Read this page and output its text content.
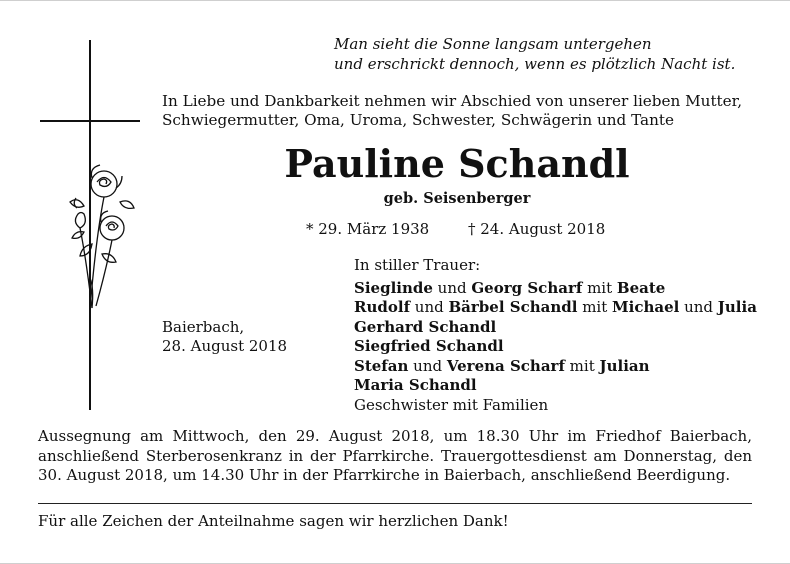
Man sieht die Sonne langsam untergehen
und erschrickt dennoch, wenn es plötzlich Nacht ist.
In Liebe und Dankbarkeit nehmen wir Abschied von unserer lieben Mutter,
Schwiegermutter, Oma, Uroma, Schwester, Schwägerin und Tante
Pauline Schandl
geb. Seisenberger
* 29. März 1938	† 24. August 2018
Baierbach,
28. August 2018
In stiller Trauer:
Sieglinde und Georg Scharf mit Beate
Rudolf und Bärbel Schandl mit Michael und Julia
Gerhard Schandl
Siegfried Schandl
Stefan und Verena Scharf mit Julian
Maria Schandl
Geschwister mit Familien
Aussegnung am Mittwoch, den 29. August 2018, um 18.30 Uhr im Friedhof Baierbach, anschließend Sterberosenkranz in der Pfarrkirche. Trauergottesdienst am Donnerstag, den 30. August 2018, um 14.30 Uhr in der Pfarrkirche in Baierbach, anschließend Beerdigung.
Für alle Zeichen der Anteilnahme sagen wir herzlichen Dank!
